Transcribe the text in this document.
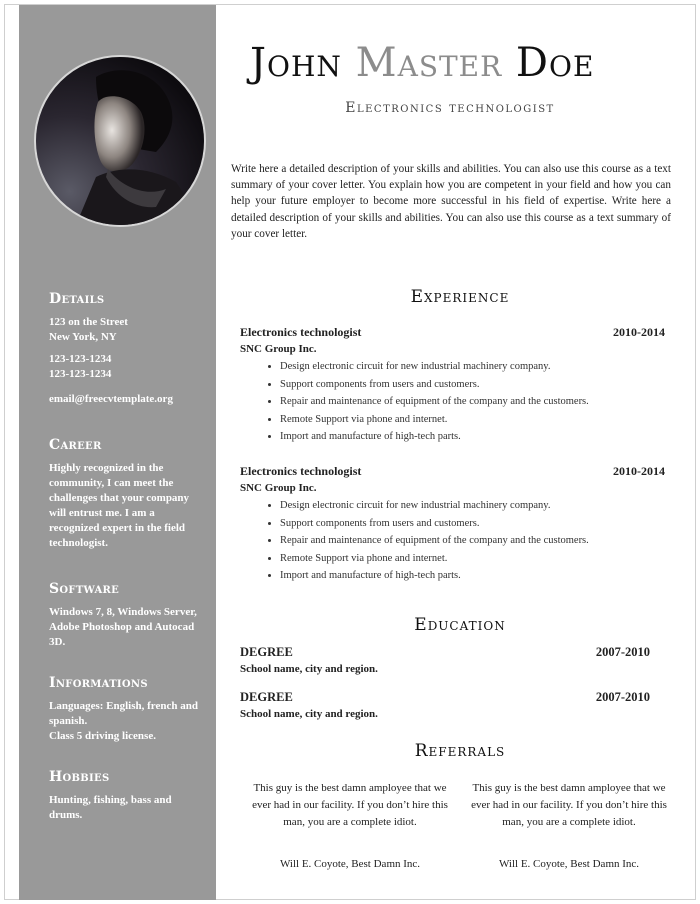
Details

123 on the Street

New York, NY

123-123-1234

123-123-1234

email@freecvtemplate.org

Career

Highly recognized in the community, I can meet the challenges that your company will entrust me. I am a recognized expert in the field technologist.

Software

Windows 7, 8, Windows Server, Adobe Photoshop and Autocad 3D.

Informations

Languages: English, french and spanish.

Class 5 driving license.

Hobbies

Hunting, fishing, bass and drums.

John Master Doe
Electronics technologist

Write here a detailed description of your skills and abilities. You can also use this course as a text summary of your cover letter. You explain how you are competent in your field and how you can help your future employer to become more successful in his field of expertise. Write here a detailed description of your skills and abilities. You can also use this course as a text summary of your cover letter.

Experience
Electronics technologist	2010-2014
SNC Group Inc.
• Design electronic circuit for new industrial machinery company.
• Support components from users and customers.
• Repair and maintenance of equipment of the company and the customers.
• Remote Support via phone and internet.
• Import and manufacture of high-tech parts.
Electronics technologist	2010-2014
SNC Group Inc.
• Design electronic circuit for new industrial machinery company.
• Support components from users and customers.
• Repair and maintenance of equipment of the company and the customers.
• Remote Support via phone and internet.
• Import and manufacture of high-tech parts.
Education
DEGREE	2007-2010
School name, city and region.
DEGREE	2007-2010
School name, city and region.
Referrals

This guy is the best damn amployee that we ever had in our facility. If you don’t hire this man, you are a complete idiot.

Will E. Coyote, Best Damn Inc.

This guy is the best damn amployee that we ever had in our facility. If you don’t hire this man, you are a complete idiot.

Will E. Coyote, Best Damn Inc.
